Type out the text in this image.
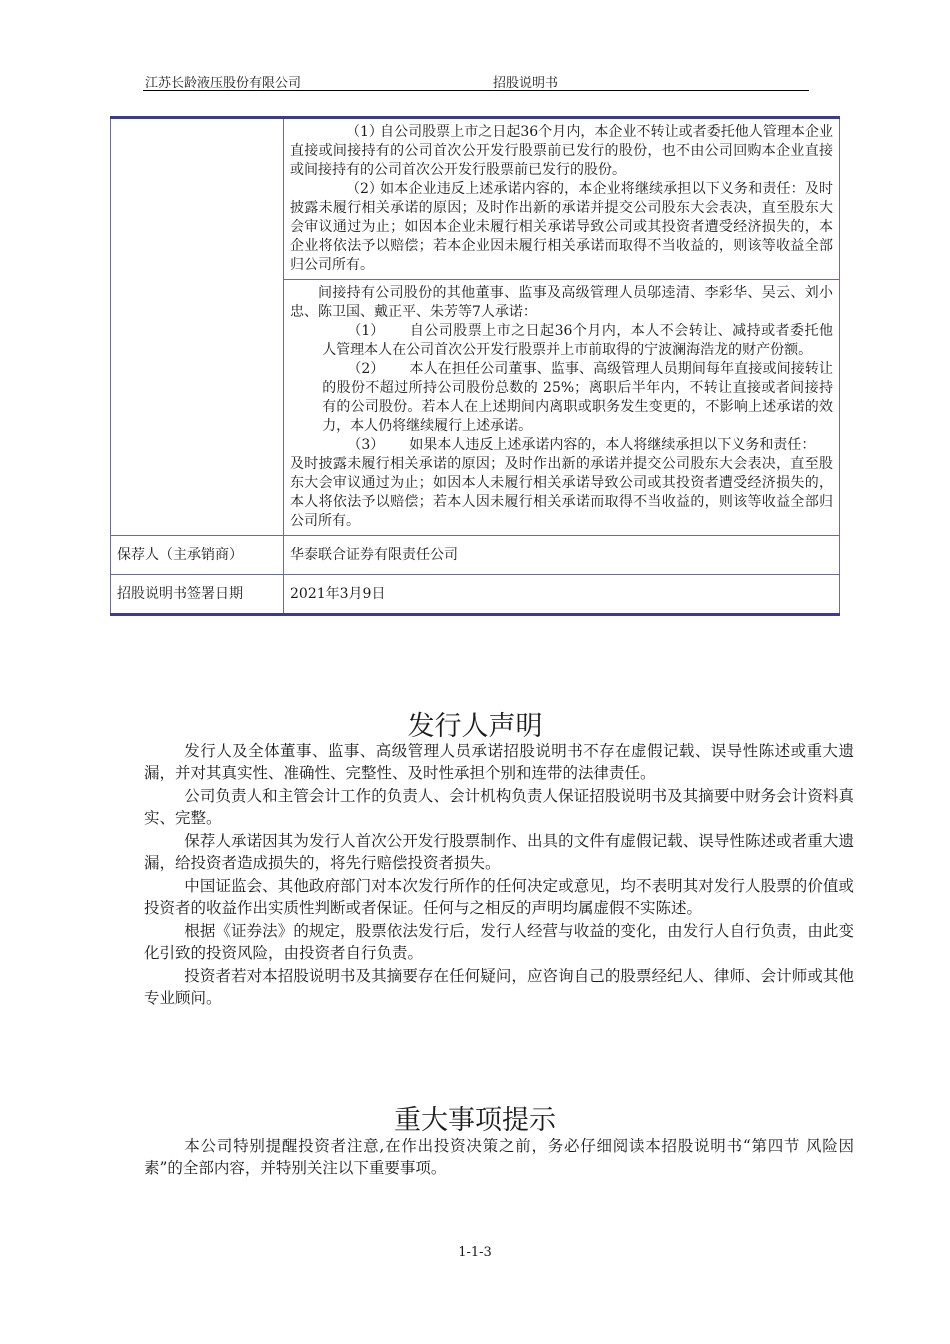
江苏长龄液压股份有限公司	招股说明书

	（1）自公司股票上市之日起36个月内，本企业不转让或者委托他人管理本企业直接或间接持有的公司首次公开发行股票前已发行的股份，也不由公司回购本企业直接或间接持有的公司首次公开发行股票前已发行的股份。

（2）如本企业违反上述承诺内容的，本企业将继续承担以下义务和责任：及时披露未履行相关承诺的原因；及时作出新的承诺并提交公司股东大会表决，直至股东大会审议通过为止；如因本企业未履行相关承诺导致公司或其投资者遭受经济损失的，本企业将依法予以赔偿；若本企业因未履行相关承诺而取得不当收益的，则该等收益全部归公司所有。

	间接持有公司股份的其他董事、监事及高级管理人员邬逵清、李彩华、吴云、刘小忠、陈卫国、戴正平、朱芳等7人承诺：

（1） 自公司股票上市之日起36个月内，本人不会转让、减持或者委托他人管理本人在公司首次公开发行股票并上市前取得的宁波澜海浩龙的财产份额。

（2） 本人在担任公司董事、监事、高级管理人员期间每年直接或间接转让的股份不超过所持公司股份总数的 25%；离职后半年内，不转让直接或者间接持有的公司股份。若本人在上述期间内离职或职务发生变更的，不影响上述承诺的效力，本人仍将继续履行上述承诺。

（3） 如果本人违反上述承诺内容的，本人将继续承担以下义务和责任：

及时披露未履行相关承诺的原因；及时作出新的承诺并提交公司股东大会表决，直至股东大会审议通过为止；如因本人未履行相关承诺导致公司或其投资者遭受经济损失的，本人将依法予以赔偿；若本人因未履行相关承诺而取得不当收益的，则该等收益全部归公司所有。

保荐人（主承销商）	华泰联合证券有限责任公司
招股说明书签署日期	2021年3月9日
发行人声明

发行人及全体董事、监事、高级管理人员承诺招股说明书不存在虚假记载、误导性陈述或重大遗漏，并对其真实性、准确性、完整性、及时性承担个别和连带的法律责任。

公司负责人和主管会计工作的负责人、会计机构负责人保证招股说明书及其摘要中财务会计资料真实、完整。

保荐人承诺因其为发行人首次公开发行股票制作、出具的文件有虚假记载、误导性陈述或者重大遗漏，给投资者造成损失的，将先行赔偿投资者损失。

中国证监会、其他政府部门对本次发行所作的任何决定或意见，均不表明其对发行人股票的价值或投资者的收益作出实质性判断或者保证。任何与之相反的声明均属虚假不实陈述。

根据《证券法》的规定，股票依法发行后，发行人经营与收益的变化，由发行人自行负责，由此变化引致的投资风险，由投资者自行负责。

投资者若对本招股说明书及其摘要存在任何疑问，应咨询自己的股票经纪人、律师、会计师或其他专业顾问。

重大事项提示

本公司特别提醒投资者注意,在作出投资决策之前，务必仔细阅读本招股说明书“第四节 风险因素”的全部内容，并特别关注以下重要事项。

1-1-3
